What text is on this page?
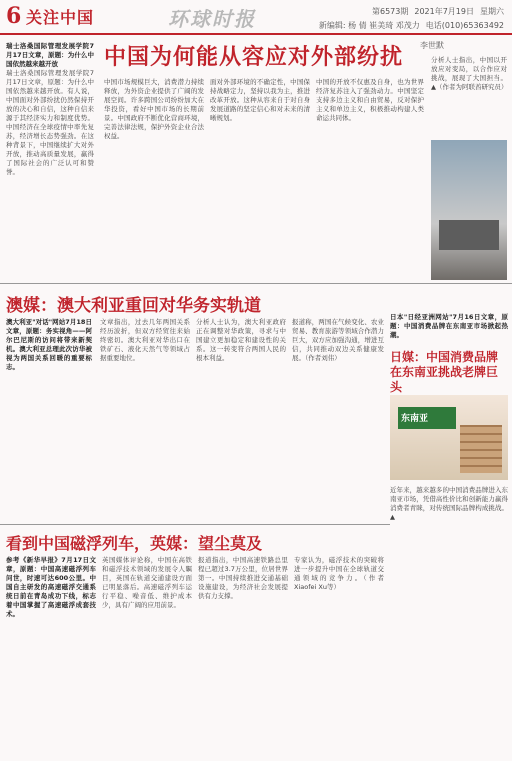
6 关注中国	环球时报	第6573期 2021年7月19日 星期六
新编辑: 杨 倩 崔美琦 邓茂力 电话(010)65363492
瑞士洛桑国际管理发展学院7月17日文章，原题：为什么中国依然越来越开放
瑞士洛桑国际管理发展学院7月17日文章，原题：为什么中国依然越来越开放。有人说，中国面对外部纷扰仍然保持开放的决心和自信，这种自信来源于其经济实力和制度优势。中国经济在全球疫情中率先复苏，经济增长态势强劲。在这种背景下，中国继续扩大对外开放，推动高质量发展，赢得了国际社会的广泛认可和赞誉。
中国为何能从容应对外部纷扰 李世默
中国市场规模巨大，消费潜力持续释放，为外资企业提供了广阔的发展空间。许多跨国公司纷纷加大在华投资，看好中国市场的长期前景。中国政府不断优化营商环境，完善法律法规，保护外资企业合法权益。
面对外部环境的不确定性，中国保持战略定力，坚持以我为主，推进改革开放。这种从容来自于对自身发展道路的坚定信心和对未来的清晰规划。
中国的开放不仅惠及自身，也为世界经济复苏注入了强劲动力。中国坚定支持多边主义和自由贸易，反对保护主义和单边主义，积极推动构建人类命运共同体。
分析人士指出，中国以开放应对变局，以合作应对挑战，展现了大国担当。▲（作者为阿联酋研究员）
澳媒：澳大利亚重回对华务实轨道
澳大利亚"对话"网站7月18日文章，原题：务实视角——阿尔巴尼斯的访问将带来新契机。澳大利亚总理此次访华被视为两国关系回暖的重要标志。
文章指出，过去几年两国关系经历波折，但双方经贸往来始终密切。澳大利亚对华出口在铁矿石、液化天然气等领域占据重要地位。
分析人士认为，澳大利亚政府正在调整对华政策，寻求与中国建立更加稳定和建设性的关系。这一转变符合两国人民的根本利益。
报道称，两国在气候变化、农业贸易、教育旅游等领域合作潜力巨大，双方应加强沟通，增进互信，共同推动双边关系健康发展。（作者刘伟）
日本"日经亚洲网站"7月16日文章，原题：中国消费品牌在东南亚市场掀起热潮。
日媒：中国消费品牌在东南亚挑战老牌巨头
东南亚
近年来，越来越多的中国消费品牌进入东南亚市场，凭借高性价比和创新能力赢得消费者青睐，对传统国际品牌构成挑战。▲
看到中国磁浮列车，英媒：望尘莫及
参考《新华早报》7月17日文章，原题：中国高速磁浮列车问世，时速可达600公里。中国自主研发的高速磁浮交通系统日前在青岛成功下线，标志着中国掌握了高速磁浮成套技术。
英国媒体评论称，中国在高铁和磁浮技术领域的发展令人瞩目，英国在轨道交通建设方面已明显落后。高速磁浮列车运行平稳、噪音低、维护成本少，具有广阔的应用前景。
报道指出，中国高速铁路总里程已超过3.7万公里，位居世界第一。中国持续推进交通基础设施建设，为经济社会发展提供有力支撑。
专家认为，磁浮技术的突破将进一步提升中国在全球轨道交通领域的竞争力。（作者Xiaofei Xu等）
